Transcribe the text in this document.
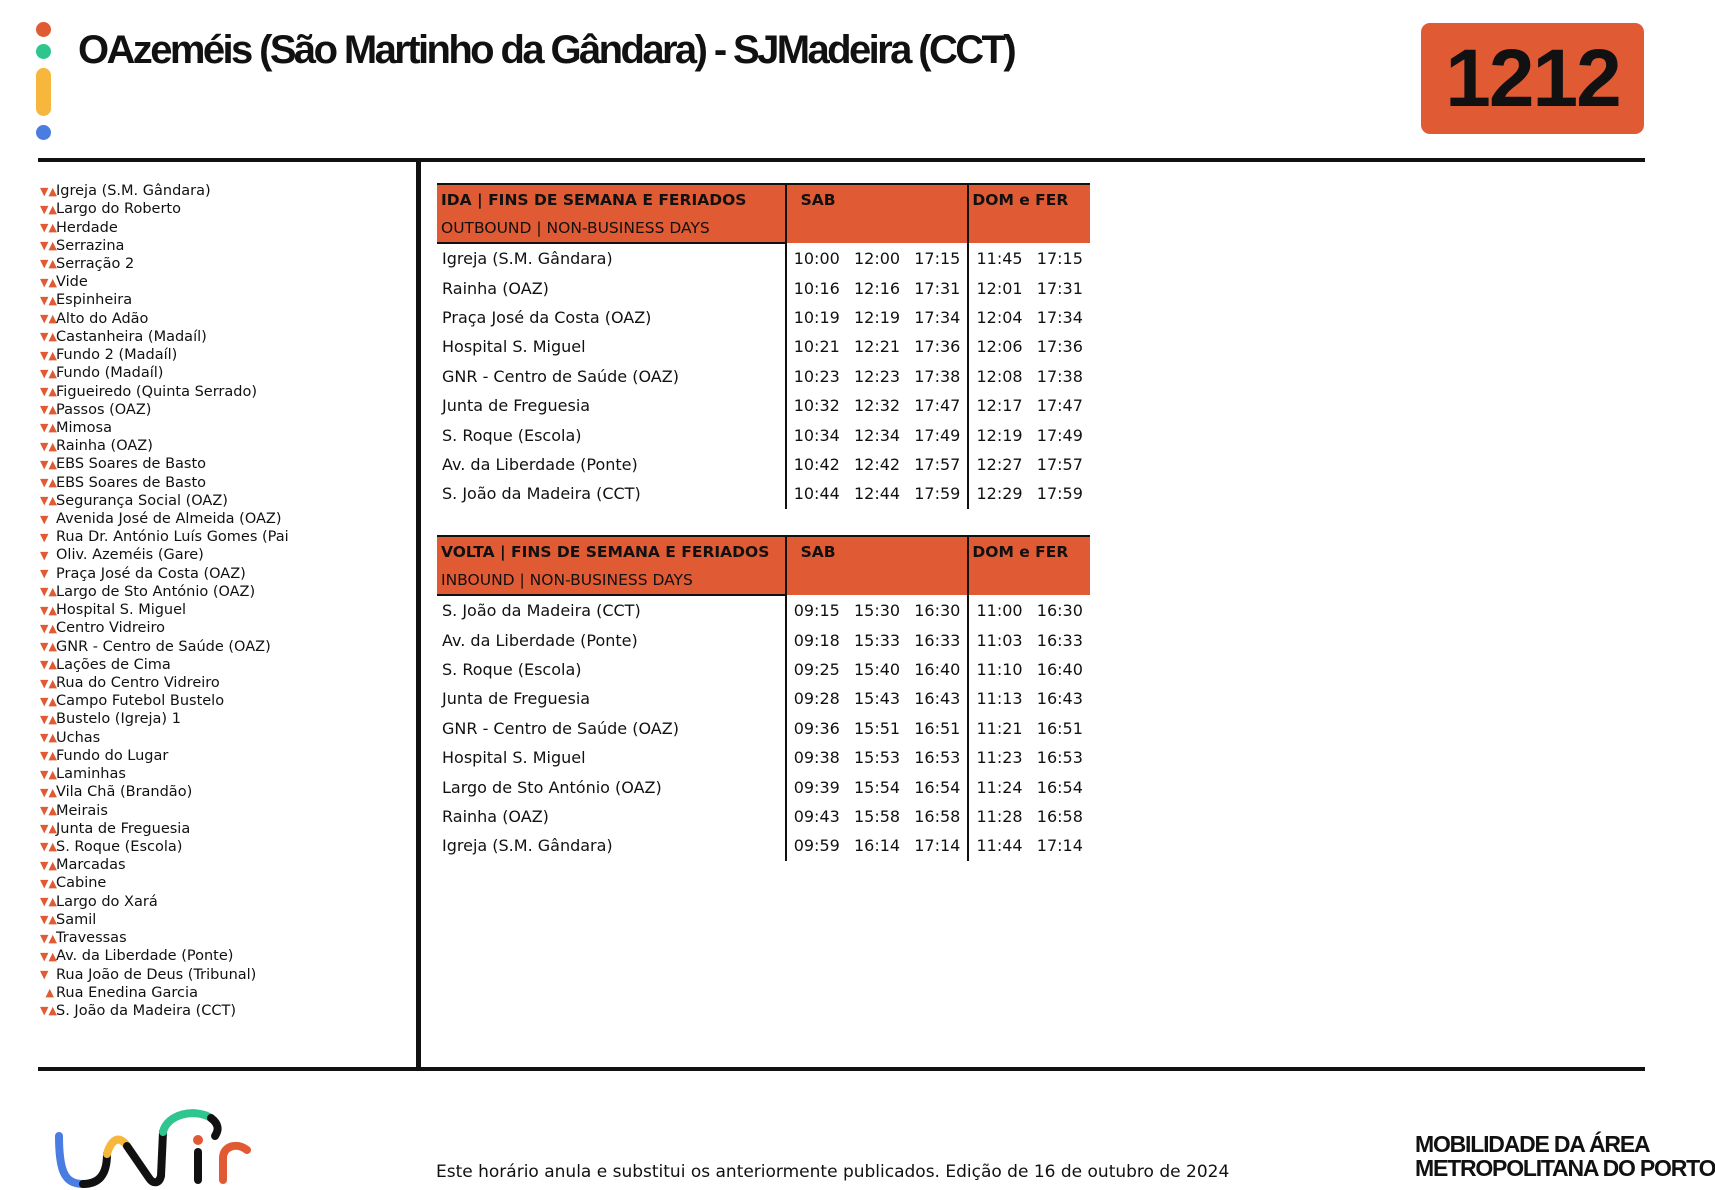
OAzeméis (São Martinho da Gândara) - SJMadeira (CCT)	1212
▼▲ Igreja (S.M. Gândara)
▼▲ Largo do Roberto
▼▲ Herdade
▼▲ Serrazina
▼▲ Serração 2
▼▲ Vide
▼▲ Espinheira
▼▲ Alto do Adão
▼▲ Castanheira (Madaíl)
▼▲ Fundo 2 (Madaíl)
▼▲ Fundo (Madaíl)
▼▲ Figueiredo (Quinta Serrado)
▼▲ Passos (OAZ)
▼▲ Mimosa
▼▲ Rainha (OAZ)
▼▲ EBS Soares de Basto
▼▲ EBS Soares de Basto
▼▲ Segurança Social (OAZ)
▼ Avenida José de Almeida (OAZ)
▼ Rua Dr. António Luís Gomes (Pai
▼ Oliv. Azeméis (Gare)
▼ Praça José da Costa (OAZ)
▼▲ Largo de Sto António (OAZ)
▼▲ Hospital S. Miguel
▼▲ Centro Vidreiro
▼▲ GNR - Centro de Saúde (OAZ)
▼▲ Lações de Cima
▼▲ Rua do Centro Vidreiro
▼▲ Campo Futebol Bustelo
▼▲ Bustelo (Igreja) 1
▼▲ Uchas
▼▲ Fundo do Lugar
▼▲ Laminhas
▼▲ Vila Chã (Brandão)
▼▲ Meirais
▼▲ Junta de Freguesia
▼▲ S. Roque (Escola)
▼▲ Marcadas
▼▲ Cabine
▼▲ Largo do Xará
▼▲ Samil
▼▲ Travessas
▼▲ Av. da Liberdade (Ponte)
▼ Rua João de Deus (Tribunal)
 ▲ Rua Enedina Garcia
▼▲ S. João da Madeira (CCT)
IDA | FINS DE SEMANA E FERIADOS	SAB			DOM e FER	
OUTBOUND | NON-BUSINESS DAYS					
Igreja (S.M. Gândara)	10:00	12:00	17:15	11:45	17:15
Rainha (OAZ)	10:16	12:16	17:31	12:01	17:31
Praça José da Costa (OAZ)	10:19	12:19	17:34	12:04	17:34
Hospital S. Miguel	10:21	12:21	17:36	12:06	17:36
GNR - Centro de Saúde (OAZ)	10:23	12:23	17:38	12:08	17:38
Junta de Freguesia	10:32	12:32	17:47	12:17	17:47
S. Roque (Escola)	10:34	12:34	17:49	12:19	17:49
Av. da Liberdade (Ponte)	10:42	12:42	17:57	12:27	17:57
S. João da Madeira (CCT)	10:44	12:44	17:59	12:29	17:59
VOLTA | FINS DE SEMANA E FERIADOS	SAB			DOM e FER	
INBOUND | NON-BUSINESS DAYS					
S. João da Madeira (CCT)	09:15	15:30	16:30	11:00	16:30
Av. da Liberdade (Ponte)	09:18	15:33	16:33	11:03	16:33
S. Roque (Escola)	09:25	15:40	16:40	11:10	16:40
Junta de Freguesia	09:28	15:43	16:43	11:13	16:43
GNR - Centro de Saúde (OAZ)	09:36	15:51	16:51	11:21	16:51
Hospital S. Miguel	09:38	15:53	16:53	11:23	16:53
Largo de Sto António (OAZ)	09:39	15:54	16:54	11:24	16:54
Rainha (OAZ)	09:43	15:58	16:58	11:28	16:58
Igreja (S.M. Gândara)	09:59	16:14	17:14	11:44	17:14
MOBILIDADE DA ÁREA
METROPOLITANA DO PORTO
Este horário anula e substitui os anteriormente publicados. Edição de 16 de outubro de 2024
